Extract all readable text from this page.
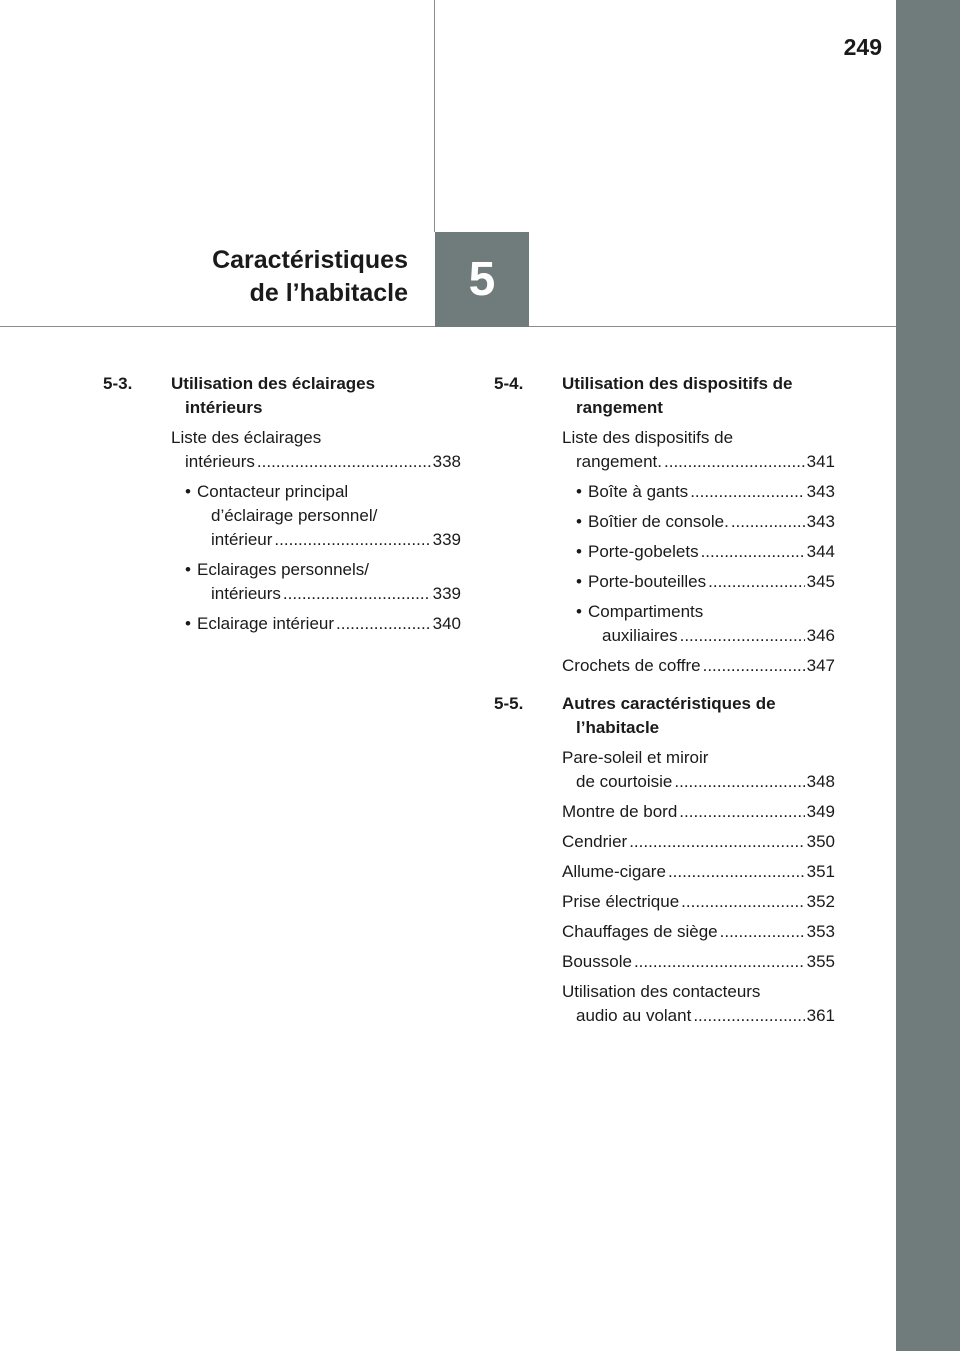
249
Caractéristiques
de l’habitacle 5
5-3. Utilisation des éclairages
intérieurs
Liste des éclairages
intérieurs .....	338
• Contacteur principal
d’éclairage personnel/
intérieur .....	339
• Eclairages personnels/
intérieurs .....	339
• Eclairage intérieur .....	340
5-4. Utilisation des dispositifs de
rangement
Liste des dispositifs de
rangement. .....	341
• Boîte à gants .....	343
• Boîtier de console. .....	343
• Porte-gobelets .....	344
• Porte-bouteilles .....	345
• Compartiments
auxiliaires .....	346
Crochets de coffre .....	347
5-5. Autres caractéristiques de
l’habitacle
Pare-soleil et miroir
de courtoisie .....	348
Montre de bord .....	349
Cendrier .....	350
Allume-cigare .....	351
Prise électrique .....	352
Chauffages de siège .....	353
Boussole .....	355
Utilisation des contacteurs
audio au volant .....	361
